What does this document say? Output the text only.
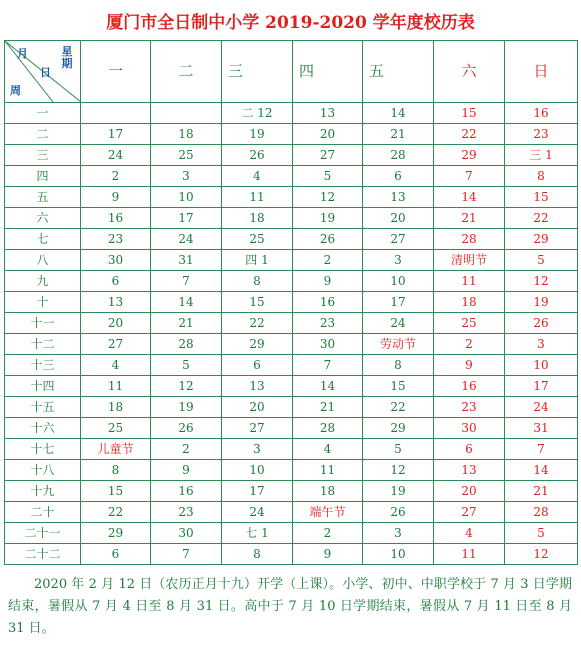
厦门市全日制中小学 2019-2020 学年度校历表
星期
月
日
周	一	二	三	四	五	六	日
一			二 12	13	14	15	16
二	17	18	19	20	21	22	23
三	24	25	26	27	28	29	三 1
四	2	3	4	5	6	7	8
五	9	10	11	12	13	14	15
六	16	17	18	19	20	21	22
七	23	24	25	26	27	28	29
八	30	31	四 1	2	3	清明节	5
九	6	7	8	9	10	11	12
十	13	14	15	16	17	18	19
十一	20	21	22	23	24	25	26
十二	27	28	29	30	劳动节	2	3
十三	4	5	6	7	8	9	10
十四	11	12	13	14	15	16	17
十五	18	19	20	21	22	23	24
十六	25	26	27	28	29	30	31
十七	儿童节	2	3	4	5	6	7
十八	8	9	10	11	12	13	14
十九	15	16	17	18	19	20	21
二十	22	23	24	端午节	26	27	28
二十一	29	30	七 1	2	3	4	5
二十二	6	7	8	9	10	11	12
2020 年 2 月 12 日（农历正月十九）开学（上课）。小学、初中、中职学校于 7 月 3 日学期结束，暑假从 7 月 4 日至 8 月 31 日。高中于 7 月 10 日学期结束，暑假从 7 月 11 日至 8 月 31 日。
